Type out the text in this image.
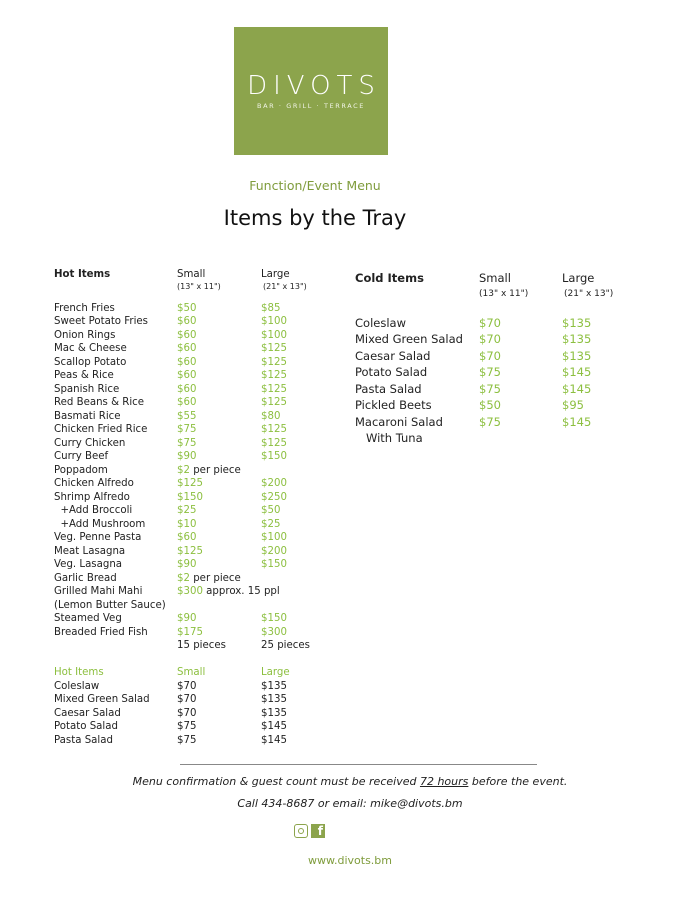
DIVOTS
BAR · GRILL · TERRACE
Function/Event Menu
Items by the Tray
Hot Items	Small	Large
(13" x 11")	(21" x 13")
French Fries	$50	$85
Sweet Potato Fries	$60	$100
Onion Rings	$60	$100
Mac & Cheese	$60	$125
Scallop Potato	$60	$125
Peas & Rice	$60	$125
Spanish Rice	$60	$125
Red Beans & Rice	$60	$125
Basmati Rice	$55	$80
Chicken Fried Rice	$75	$125
Curry Chicken	$75	$125
Curry Beef	$90	$150
Poppadom	$2 per piece
Chicken Alfredo	$125	$200
Shrimp Alfredo	$150	$250
+Add Broccoli	$25	$50
+Add Mushroom	$10	$25
Veg. Penne Pasta	$60	$100
Meat Lasagna	$125	$200
Veg. Lasagna	$90	$150
Garlic Bread	$2 per piece
Grilled Mahi Mahi	$300 approx. 15 ppl
(Lemon Butter Sauce)
Steamed Veg	$90	$150
Breaded Fried Fish	$175	$300
15 pieces	25 pieces
Hot Items	Small	Large
Coleslaw	$70	$135
Mixed Green Salad	$70	$135
Caesar Salad	$70	$135
Potato Salad	$75	$145
Pasta Salad	$75	$145
Cold Items	Small	Large
(13" x 11")	(21" x 13")
Coleslaw	$70	$135
Mixed Green Salad $70	$135
Caesar Salad	$70	$135
Potato Salad	$75	$145
Pasta Salad	$75	$145
Pickled Beets	$50	$95
Macaroni Salad	$75	$145
With Tuna
Menu confirmation & guest count must be received 72 hours before the event.
Call 434-8687 or email: mike@divots.bm
f
www.divots.bm
